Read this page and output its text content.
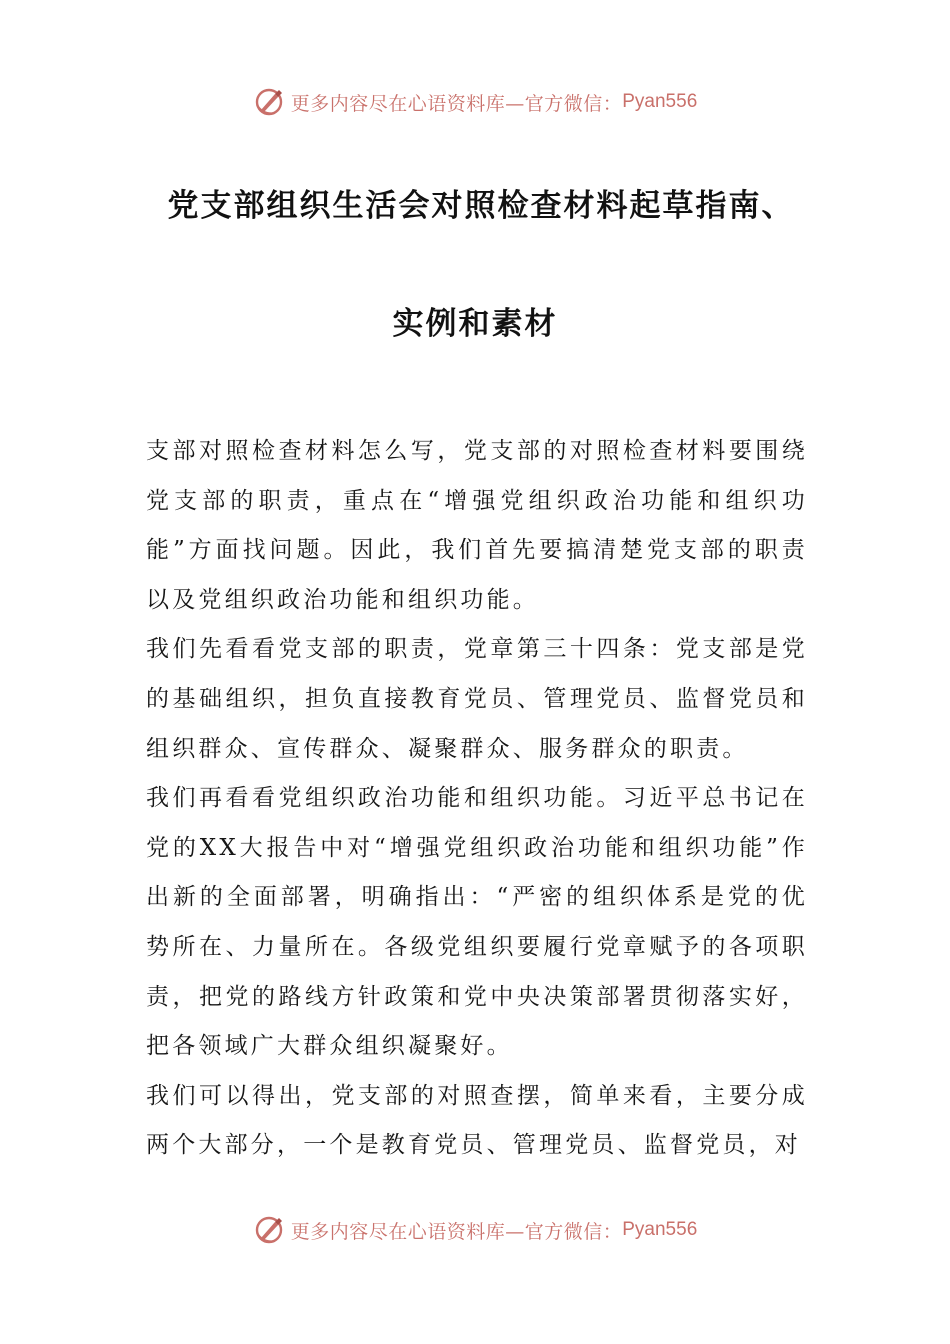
更多内容尽在心语资料库—官方微信： Pyan556
党支部组织生活会对照检查材料起草指南、
实例和素材

支部对照检查材料怎么写，党支部的对照检查材料要围绕党支部的职责，重点在“增强党组织政治功能和组织功能”方面找问题。因此，我们首先要搞清楚党支部的职责以及党组织政治功能和组织功能。

我们先看看党支部的职责，党章第三十四条：党支部是党的基础组织，担负直接教育党员、管理党员、监督党员和组织群众、宣传群众、凝聚群众、服务群众的职责。

我们再看看党组织政治功能和组织功能。习近平总书记在党的XX大报告中对“增强党组织政治功能和组织功能”作出新的全面部署，明确指出：“严密的组织体系是党的优势所在、力量所在。各级党组织要履行党章赋予的各项职责，把党的路线方针政策和党中央决策部署贯彻落实好，把各领域广大群众组织凝聚好。

我们可以得出，党支部的对照查摆，简单来看，主要分成两个大部分，一个是教育党员、管理党员、监督党员，对

更多内容尽在心语资料库—官方微信： Pyan556
